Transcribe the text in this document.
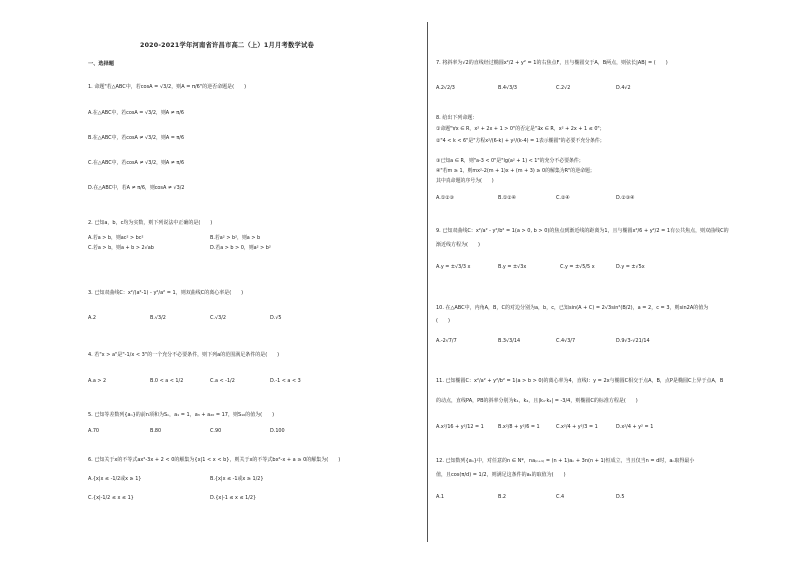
2020-2021学年河南省许昌市高二（上）1月月考数学试卷
一、选择题
1. 命题"若△ABC中，若cosA = √3/2，则A = π/6"的逆否命题是(　　)
A.在△ABC中，若cosA = √3/2，则A ≠ π/6
B.在△ABC中，若cosA ≠ √3/2，则A = π/6
C.在△ABC中，若cosA ≠ √3/2，则A ≠ π/6
D.在△ABC中，若A ≠ π/6，则cosA ≠ √3/2
2. 已知a，b，c均为实数，则下列说法中正确的是(　　)
A.若a > b，则ac² > bc²	B.若a² > b²，则a > b
C.若a > b，则a + b > 2√ab	D.若a > b > 0，则a² > b²
3. 已知双曲线C：x²/(a²-1) - y²/a² = 1，则双曲线C的离心率是(　　)
A.2	B.√3/2	C.√3/2	D.√5
4. 若"x > a"是"-1/x < 3"的一个充分不必要条件，则下列a的范围满足条件的是(　　)
A.a > 2	B.0 < a < 1/2	C.a < -1/2	D.-1 < a < 3
5. 已知等差数列{aₙ}的前n项和为Sₙ，a₁ = 1，a₃ + a₂₀ = 17，则S₁₀的值为(　　)
A.70	B.80	C.90	D.100
6. 已知关于x的不等式ax²-3x + 2 < 0的解集为{x|1 < x < b}，则关于x的不等式bx²-x + a ≥ 0的解集为(　　)
A.{x|x ≤ -1/2或x ≥ 1}	B.{x|x ≤ -1或x ≥ 1/2}
C.{x|-1/2 ≤ x ≤ 1}	D.{x|-1 ≤ x ≤ 1/2}
7. 将斜率为√2的直线经过椭圆x²/2 + y² = 1的右焦点F，且与椭圆交于A，B两点，则弦长|AB| = (　　)
A.2√2/3	B.4√3/3	C.2√2	D.4√2
8. 给出下列命题：
①命题"∀x ∈ R，x² + 2x + 1 > 0"的否定是"∃x ∈ R，x² + 2x + 1 ≤ 0"；
②"4 < k < 6"是"方程x²/(6-k) + y²/(k-4) = 1表示椭圆"的必要不充分条件；
③已知a ∈ R，则"a-3 < 0"是"lg(a² + 1) < 1"的充分不必要条件；
④"若m ≥ 1，则mx²-2(m + 1)x + (m + 3) ≥ 0的解集为R"的逆命题；
其中真命题的序号为(　　)
A.①②③	B.①②④	C.②④	D.②③④
9. 已知双曲线C：x²/a² - y²/b² = 1(a > 0, b > 0)的焦点到渐近线的距离为1，且与椭圆x²/6 + y²/2 = 1有公共焦点，则双曲线C的
渐近线方程为(　　)
A.y = ±√3/3 x	B.y = ±√3x	C.y = ±√5/5 x	D.y = ±√5x
10. 在△ABC中，内角A，B，C的对边分别为a，b，c，已知sin(A + C) = 2√3sin²(B/2)，a = 2，c = 3，则sin2A的值为
(　　)
A.-2√7/7	B.3√3/14	C.4√3/7	D.9√3-√21/14
11. 已知椭圆C：x²/a² + y²/b² = 1(a > b > 0)的离心率为4，直线l：y = 2x与椭圆C相交于点A，B，点P是椭圆C上异于点A，B
的动点，直线PA，PB的斜率分别为k₁，k₂，且|k₁·k₂| = -3/4，则椭圆C的标准方程是(　　)
A.x²/16 + y²/12 = 1	B.x²/8 + y²/6 = 1	C.x²/4 + y²/3 = 1	D.x²/4 + y² = 1
12. 已知数列{aₙ}中，对任意的n ∈ N*，na₍ₙ₊₁₎ = (n + 1)aₙ + 3n(n + 1)恒成立，当且仅当n = d时，aₙ取得最小
值，且cos(π/d) = 1/2，则满足这条件的a₁的取值为(　　)
A.1	B.2	C.4	D.5
